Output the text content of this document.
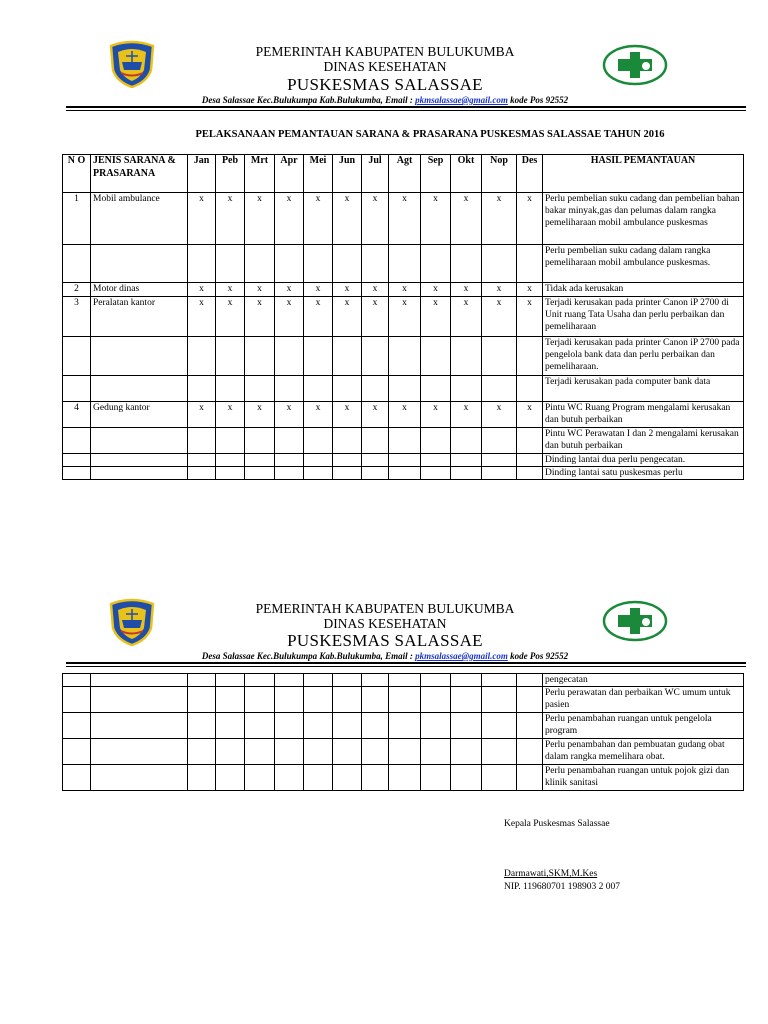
PEMERINTAH KABUPATEN BULUKUMBA
DINAS KESEHATAN
PUSKESMAS SALASSAE
Desa Salassae Kec.Bulukumpa Kab.Bulukumba, Email : pkmsalassae@gmail.com kode Pos 92552
PELAKSANAAN PEMANTAUAN SARANA & PRASARANA PUSKESMAS SALASSAE TAHUN 2016
N O	JENIS SARANA & PRASARANA	Jan	Peb	Mrt	Apr	Mei	Jun	Jul	Agt	Sep	Okt	Nop	Des	HASIL PEMANTAUAN
1	Mobil ambulance	x	x	x	x	x	x	x	x	x	x	x	x	Perlu pembelian suku cadang dan pembelian bahan bakar minyak,gas dan pelumas dalam rangka pemeliharaan mobil ambulance puskesmas
														Perlu pembelian suku cadang dalam rangka pemeliharaan mobil ambulance puskesmas.
2	Motor dinas	x	x	x	x	x	x	x	x	x	x	x	x	Tidak ada kerusakan
3	Peralatan kantor	x	x	x	x	x	x	x	x	x	x	x	x	Terjadi kerusakan pada printer Canon iP 2700 di Unit ruang Tata Usaha dan perlu perbaikan dan pemeliharaan
														Terjadi kerusakan pada printer Canon iP 2700 pada pengelola bank data dan perlu perbaikan dan pemeliharaan.
														Terjadi kerusakan pada computer bank data
4	Gedung kantor	x	x	x	x	x	x	x	x	x	x	x	x	Pintu WC Ruang Program mengalami kerusakan dan butuh perbaikan
														Pintu WC Perawatan I dan 2 mengalami kerusakan dan butuh perbaikan
														Dinding lantai dua perlu pengecatan.
														Dinding lantai satu puskesmas perlu
PEMERINTAH KABUPATEN BULUKUMBA
DINAS KESEHATAN
PUSKESMAS SALASSAE
Desa Salassae Kec.Bulukumpa Kab.Bulukumba, Email : pkmsalassae@gmail.com kode Pos 92552
														pengecatan
														Perlu perawatan dan perbaikan WC umum untuk pasien
														Perlu penambahan ruangan untuk pengelola program
														Perlu penambahan dan pembuatan gudang obat dalam rangka memelihara obat.
														Perlu penambahan ruangan untuk pojok gizi dan klinik sanitasi
Kepala Puskesmas Salassae
Darmawati,SKM,M.Kes
NIP. 119680701 198903 2 007
